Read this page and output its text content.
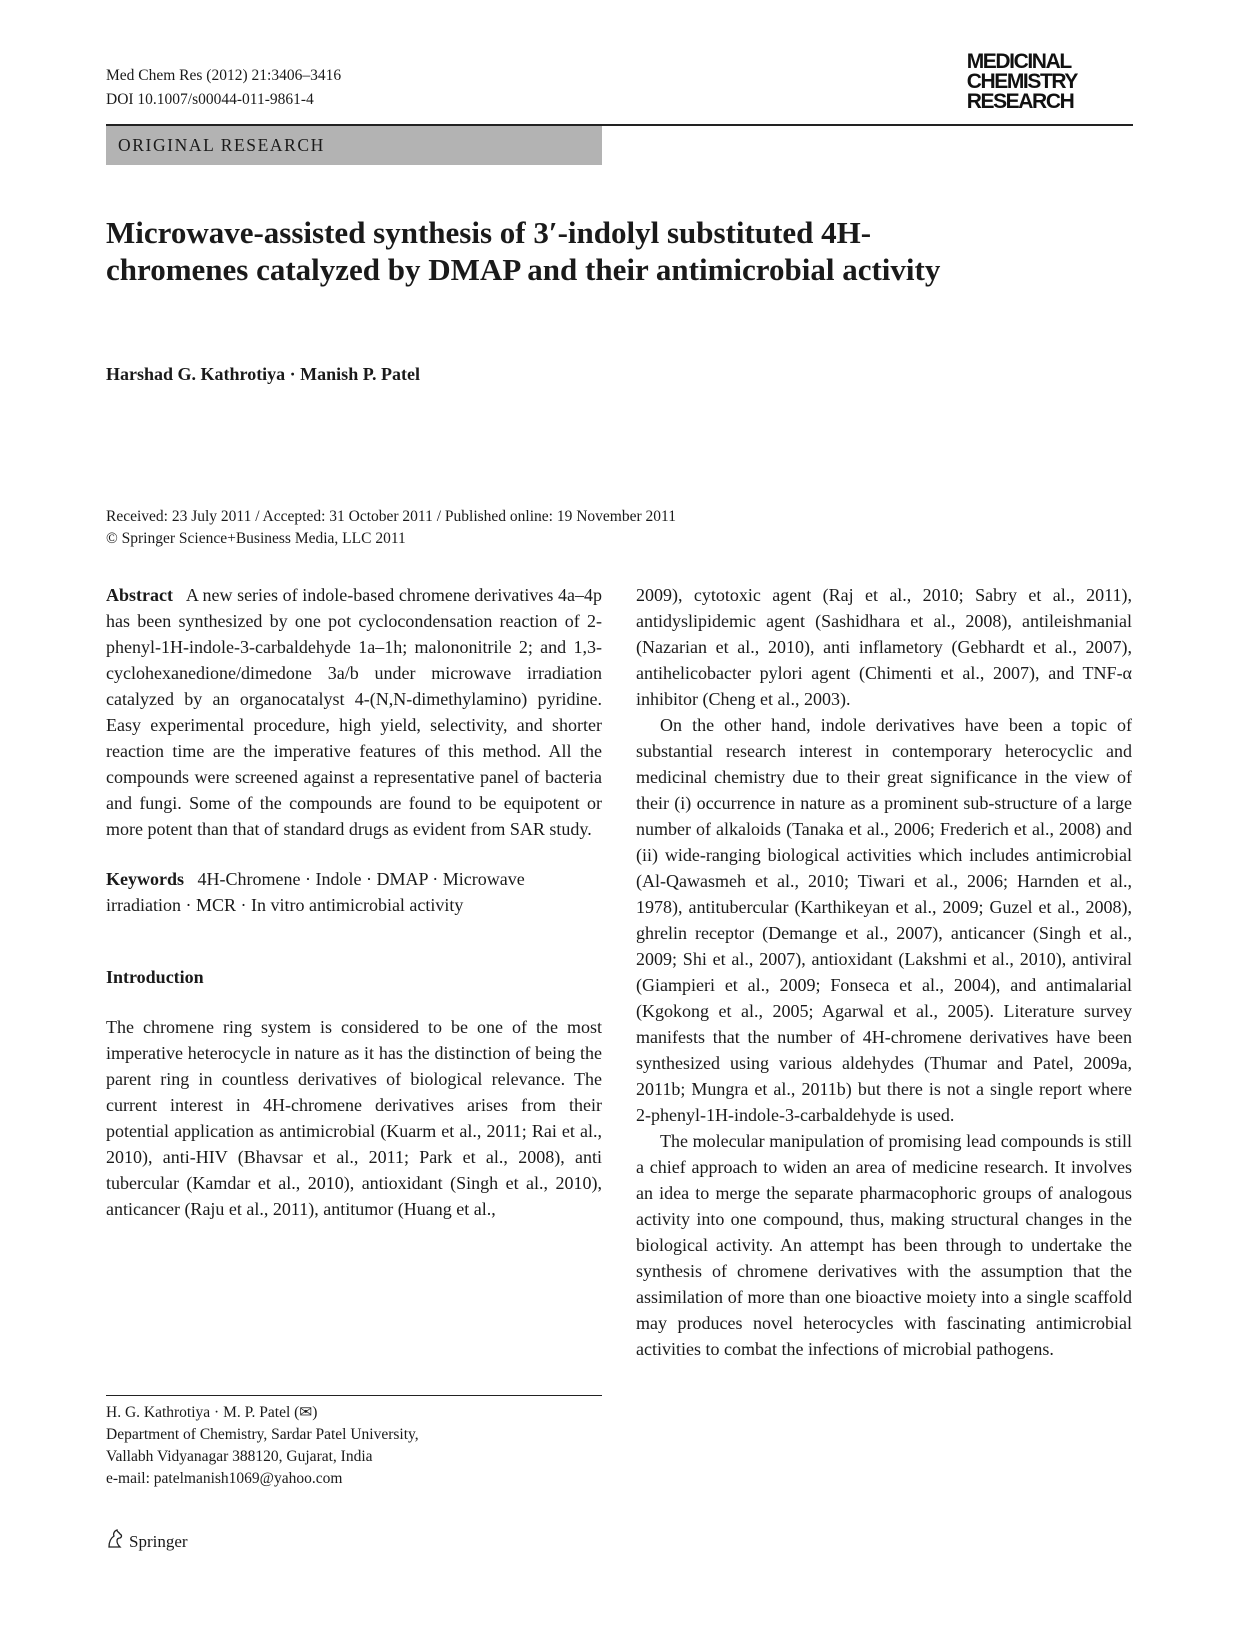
Med Chem Res (2012) 21:3406–3416
DOI 10.1007/s00044-011-9861-4
MEDICINAL
CHEMISTRY
RESEARCH
ORIGINAL RESEARCH
Microwave-assisted synthesis of 3′-indolyl substituted 4H-chromenes catalyzed by DMAP and their antimicrobial activity
Harshad G. Kathrotiya · Manish P. Patel
Received: 23 July 2011 / Accepted: 31 October 2011 / Published online: 19 November 2011
© Springer Science+Business Media, LLC 2011

Abstract A new series of indole-based chromene derivatives 4a–4p has been synthesized by one pot cyclocondensation reaction of 2-phenyl-1H-indole-3-carbaldehyde 1a–1h; malononitrile 2; and 1,3-cyclohexanedione/dimedone 3a/b under microwave irradiation catalyzed by an organocatalyst 4-(N,N-dimethylamino) pyridine. Easy experimental procedure, high yield, selectivity, and shorter reaction time are the imperative features of this method. All the compounds were screened against a representative panel of bacteria and fungi. Some of the compounds are found to be equipotent or more potent than that of standard drugs as evident from SAR study.

Keywords 4H-Chromene · Indole · DMAP · Microwave irradiation · MCR · In vitro antimicrobial activity

Introduction

The chromene ring system is considered to be one of the most imperative heterocycle in nature as it has the distinction of being the parent ring in countless derivatives of biological relevance. The current interest in 4H-chromene derivatives arises from their potential application as antimicrobial (Kuarm et al., 2011; Rai et al., 2010), anti-HIV (Bhavsar et al., 2011; Park et al., 2008), anti tubercular (Kamdar et al., 2010), antioxidant (Singh et al., 2010), anticancer (Raju et al., 2011), antitumor (Huang et al.,

H. G. Kathrotiya · M. P. Patel (✉)
Department of Chemistry, Sardar Patel University,
Vallabh Vidyanagar 388120, Gujarat, India
e-mail: patelmanish1069@yahoo.com

2009), cytotoxic agent (Raj et al., 2010; Sabry et al., 2011), antidyslipidemic agent (Sashidhara et al., 2008), antileishmanial (Nazarian et al., 2010), anti inflametory (Gebhardt et al., 2007), antihelicobacter pylori agent (Chimenti et al., 2007), and TNF-α inhibitor (Cheng et al., 2003).

On the other hand, indole derivatives have been a topic of substantial research interest in contemporary heterocyclic and medicinal chemistry due to their great significance in the view of their (i) occurrence in nature as a prominent sub-structure of a large number of alkaloids (Tanaka et al., 2006; Frederich et al., 2008) and (ii) wide-ranging biological activities which includes antimicrobial (Al-Qawasmeh et al., 2010; Tiwari et al., 2006; Harnden et al., 1978), antitubercular (Karthikeyan et al., 2009; Guzel et al., 2008), ghrelin receptor (Demange et al., 2007), anticancer (Singh et al., 2009; Shi et al., 2007), antioxidant (Lakshmi et al., 2010), antiviral (Giampieri et al., 2009; Fonseca et al., 2004), and antimalarial (Kgokong et al., 2005; Agarwal et al., 2005). Literature survey manifests that the number of 4H-chromene derivatives have been synthesized using various aldehydes (Thumar and Patel, 2009a, 2011b; Mungra et al., 2011b) but there is not a single report where 2-phenyl-1H-indole-3-carbaldehyde is used.

The molecular manipulation of promising lead compounds is still a chief approach to widen an area of medicine research. It involves an idea to merge the separate pharmacophoric groups of analogous activity into one compound, thus, making structural changes in the biological activity. An attempt has been through to undertake the synthesis of chromene derivatives with the assumption that the assimilation of more than one bioactive moiety into a single scaffold may produces novel heterocycles with fascinating antimicrobial activities to combat the infections of microbial pathogens.

Springer
